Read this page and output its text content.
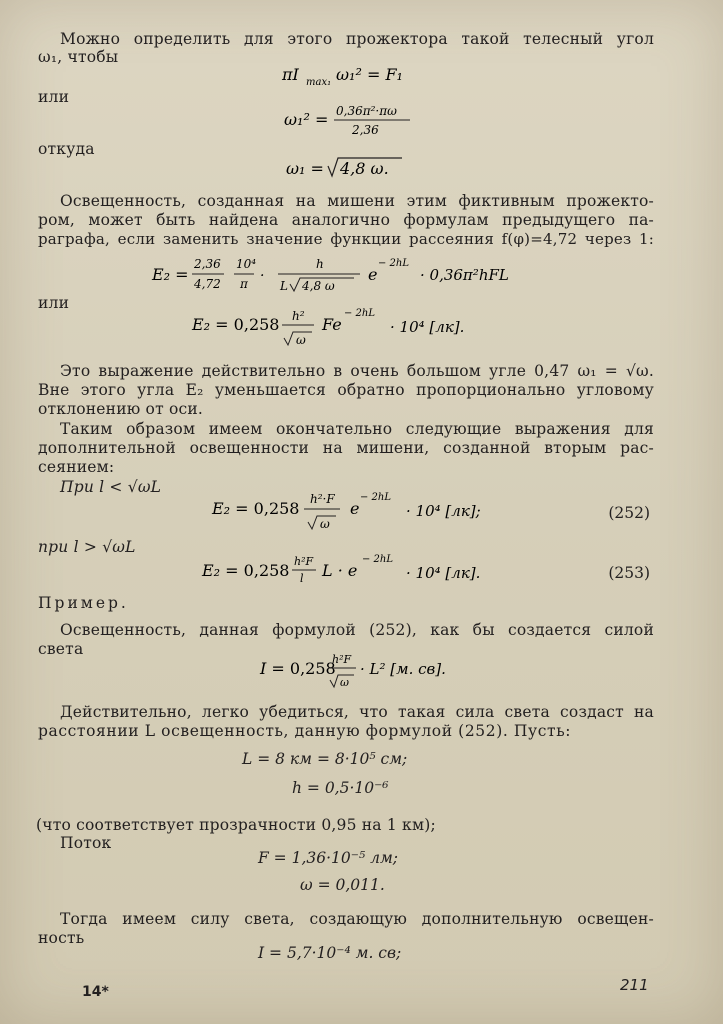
Можно определить для этого прожектора такой телесный угол
ω₁, чтобы
πI max₁ ω₁² = F₁
или
ω₁² = 0,36π²·πω
2,36
откуда
ω₁ = 4,8 ω.
Освещенность, созданная на мишени этим фиктивным прожекто-
ром, может быть найдена аналогично формулам предыдущего па-
раграфа, если заменить значение функции рассеяния f(φ)=4,72 через 1:
E₂ =
2,36
4,72
10⁴
π ·
h
L 4,8 ω
e
− 2hL
· 0,36π²hFL
или
E₂ = 0,258 h²
ω
Fe
− 2hL
· 10⁴ [лк].
Это выражение действительно в очень большом угле 0,47 ω₁ = √ω.
Вне этого угла E₂ уменьшается обратно пропорционально угловому
отклонению от оси.
Таким образом имеем окончательно следующие выражения для
дополнительной освещенности на мишени, созданной вторым рас-
сеянием:
При l < √ωL
E₂ = 0,258 h²·F
ω
e
− 2hL
· 10⁴ [лк];	(252)
при l > √ωL
E₂ = 0,258 h²F
l L · e
− 2hL
· 10⁴ [лк].	(253)
Пример.
Освещенность, данная формулой (252), как бы создается силой
света
I = 0,258
h²F
ω
· L² [м. св].
Действительно, легко убедиться, что такая сила света создаст на
расстоянии L освещенность, данную формулой (252). Пусть:
L = 8 км = 8·10⁵ см;
h = 0,5·10⁻⁶
(что соответствует прозрачности 0,95 на 1 км);
Поток
F = 1,36·10⁻⁵ лм;
ω = 0,011.
Тогда имеем силу света, создающую дополнительную освещен-
ность
I = 5,7·10⁻⁴ м. св;
14*	211
